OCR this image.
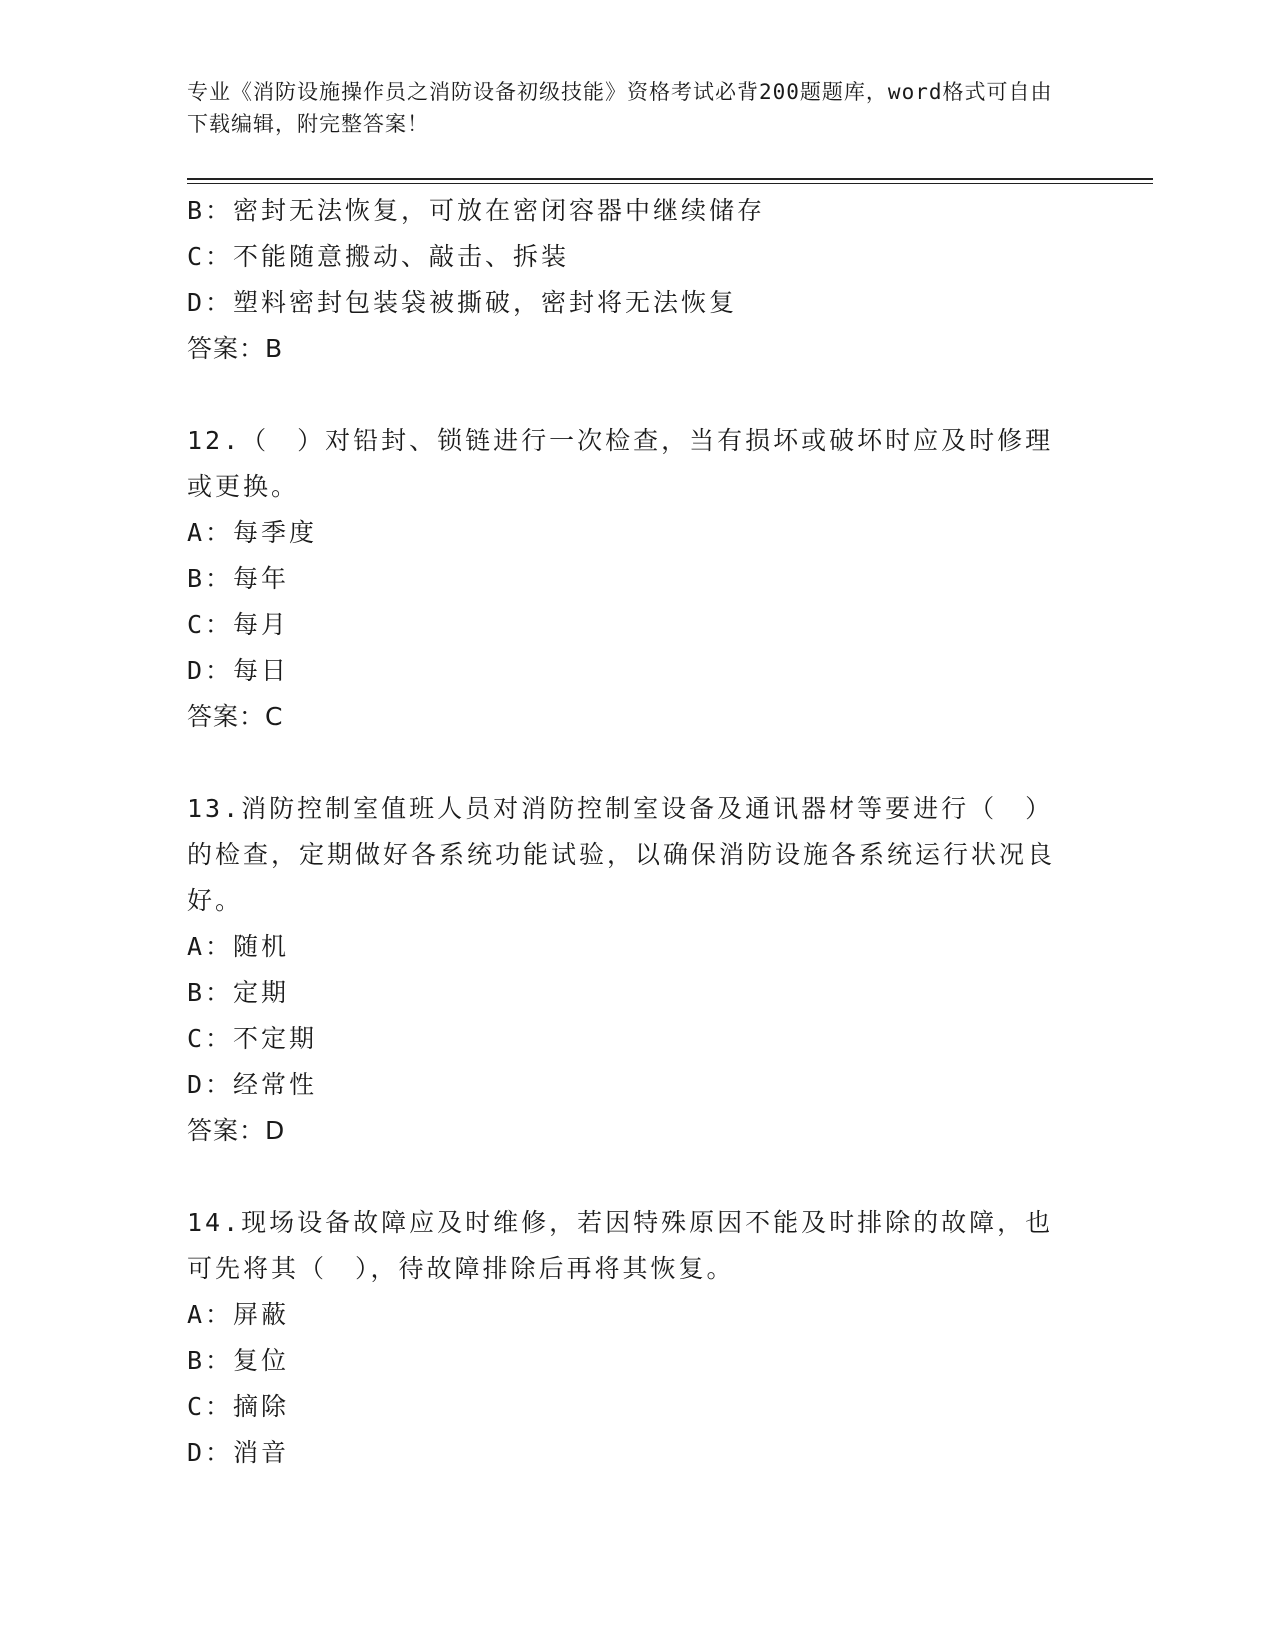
专业《消防设施操作员之消防设备初级技能》资格考试必背200题题库，word格式可自由下载编辑，附完整答案！
B：密封无法恢复，可放在密闭容器中继续储存
C：不能随意搬动、敲击、拆装
D：塑料密封包装袋被撕破，密封将无法恢复
答案：B
12.（　）对铅封、锁链进行一次检查，当有损坏或破坏时应及时修理或更换。
A：每季度
B：每年
C：每月
D：每日
答案：C
13.消防控制室值班人员对消防控制室设备及通讯器材等要进行（　）的检查，定期做好各系统功能试验，以确保消防设施各系统运行状况良好。
A：随机
B：定期
C：不定期
D：经常性
答案：D
14.现场设备故障应及时维修，若因特殊原因不能及时排除的故障，也可先将其（　），待故障排除后再将其恢复。
A：屏蔽
B：复位
C：摘除
D：消音
